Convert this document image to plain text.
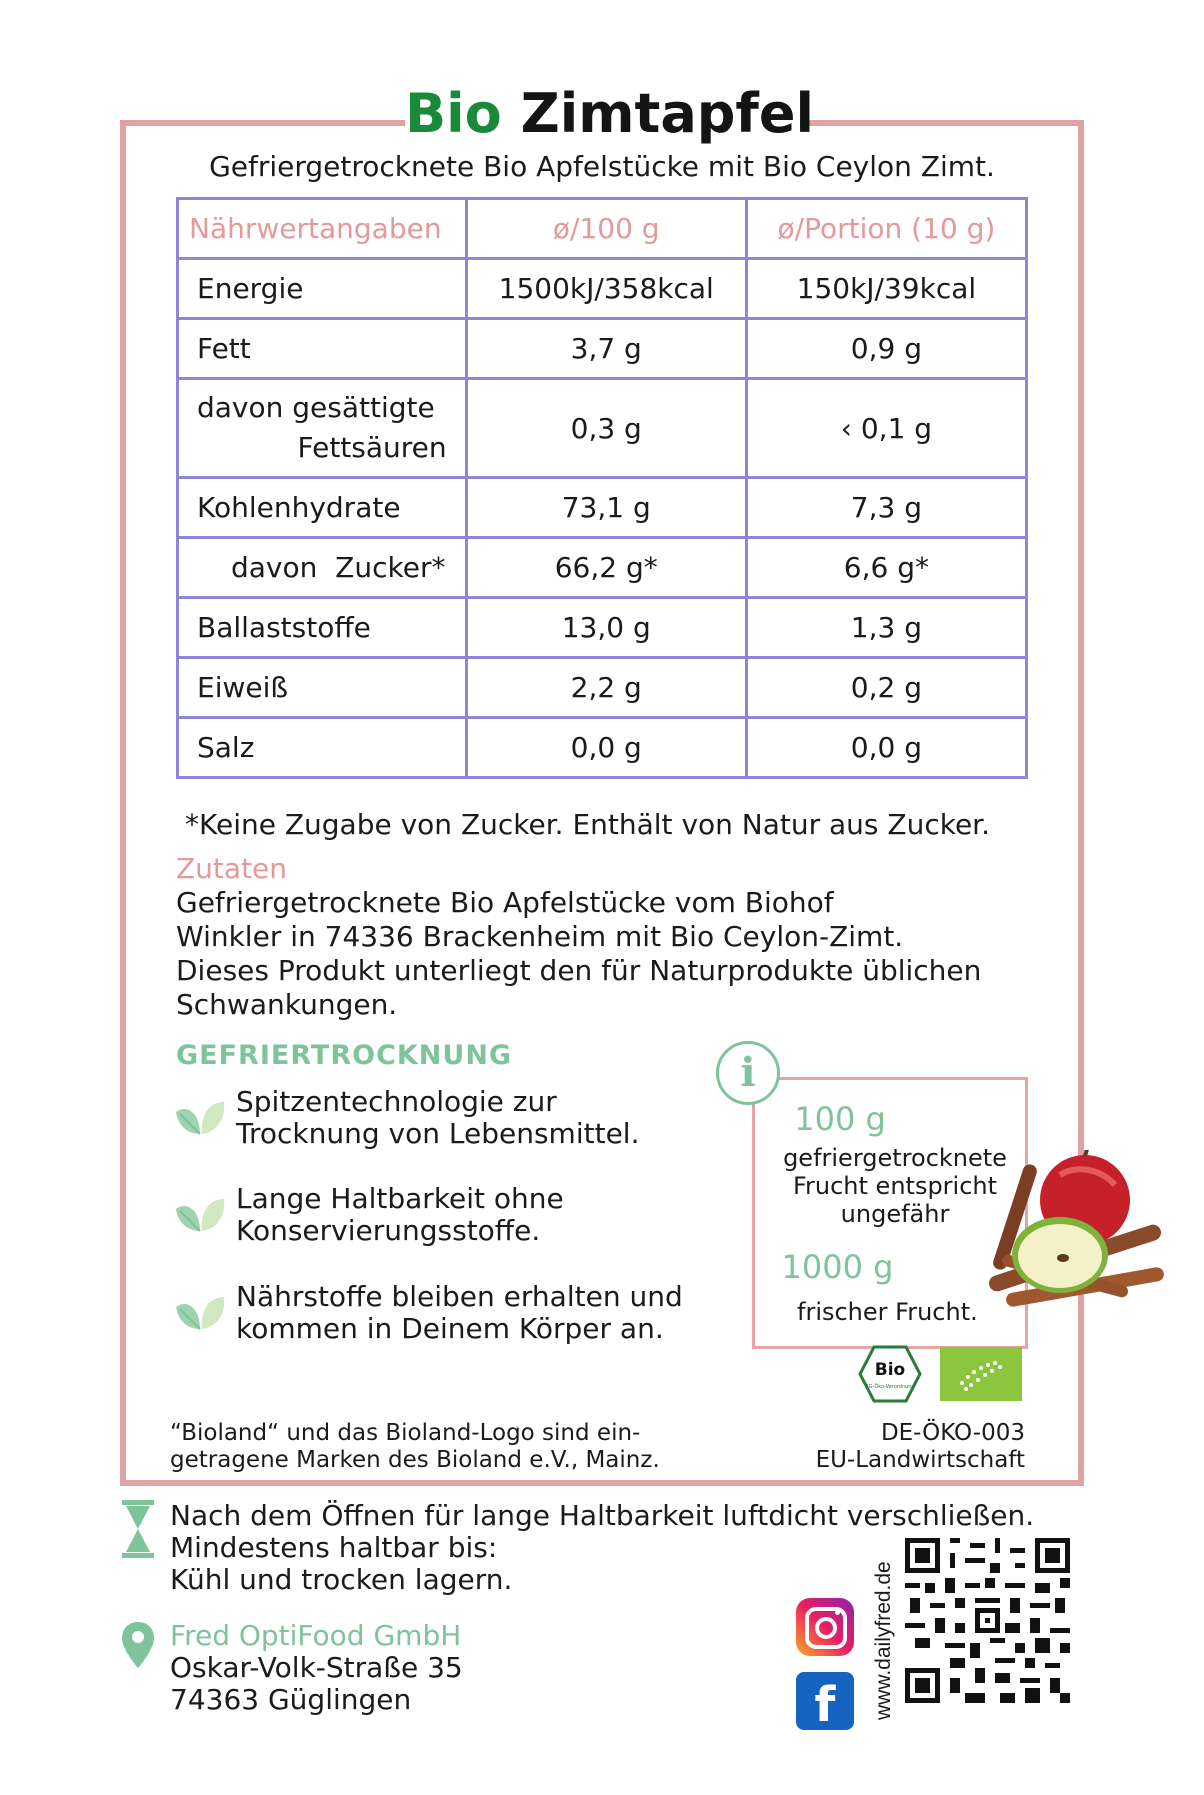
Bio Zimtapfel
Gefriergetrocknete Bio Apfelstücke mit Bio Ceylon Zimt.
Nährwertangaben	ø/100 g	ø/Portion (10 g)
Energie	1500kJ/358kcal	150kJ/39kcal
Fett	3,7 g	0,9 g

davon gesättigte
Fettsäuren	0,3 g	‹ 0,1 g
Kohlenhydrate	73,1 g	7,3 g
davon  Zucker*	66,2 g*	6,6 g*
Ballaststoffe	13,0 g	1,3 g
Eiweiß	2,2 g	0,2 g
Salz	0,0 g	0,0 g
*Keine Zugabe von Zucker. Enthält von Natur aus Zucker.
Zutaten
Gefriergetrocknete Bio Apfelstücke vom Biohof
Winkler in 74336 Brackenheim mit Bio Ceylon-Zimt.
Dieses Produkt unterliegt den für Naturprodukte üblichen
Schwankungen.
GEFRIERTROCKNUNG
Spitzentechnologie zur
Trocknung von Lebensmittel.
Lange Haltbarkeit ohne
Konservierungsstoffe.
Nährstoffe bleiben erhalten und
kommen in Deinem Körper an.
100 g
gefriergetrocknete
Frucht entspricht
ungefähr
1000 g
frischer Frucht.
i
Bio
EG-Öko-Verordnung
“Bioland“ und das Bioland-Logo sind ein-
getragene Marken des Bioland e.V., Mainz.
DE-ÖKO-003
EU-Landwirtschaft
Nach dem Öffnen für lange Haltbarkeit luftdicht verschließen.
Mindestens haltbar bis:
Kühl und trocken lagern.
Fred OptiFood GmbH
Oskar-Volk-Straße 35
74363 Güglingen	f	www.dailyfred.de
